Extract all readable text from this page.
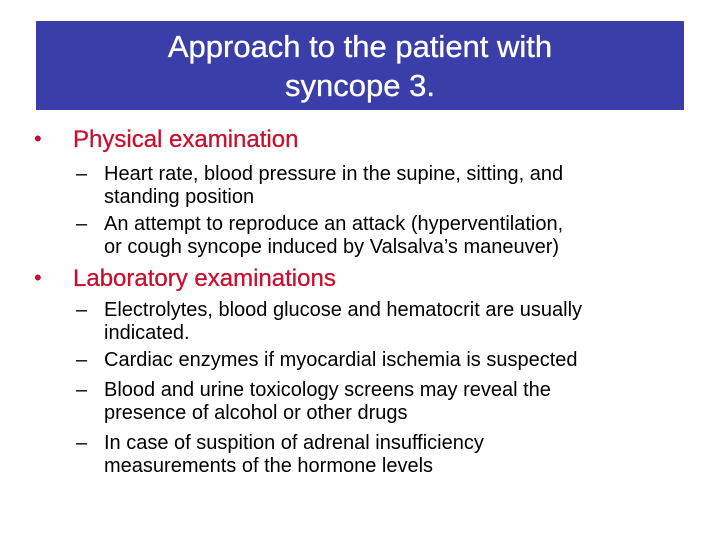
Approach to the patient with
syncope 3.
• Physical examination
– Heart rate, blood pressure in the supine, sitting, and
standing position
– An attempt to reproduce an attack (hyperventilation,
or cough syncope induced by Valsalva’s maneuver)
• Laboratory examinations
– Electrolytes, blood glucose and hematocrit are usually
indicated.
– Cardiac enzymes if myocardial ischemia is suspected
– Blood and urine toxicology screens may reveal the
presence of alcohol or other drugs
– In case of suspition of adrenal insufficiency
measurements of the hormone levels
